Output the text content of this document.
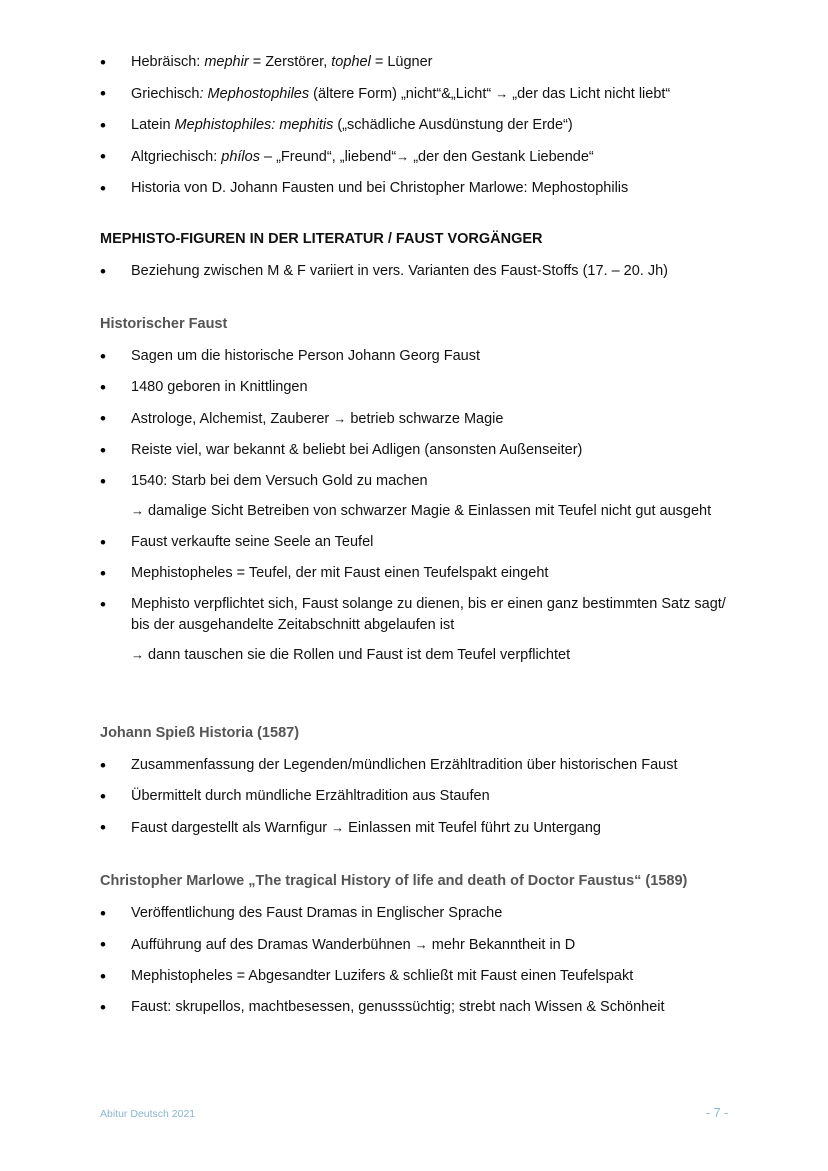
• Hebräisch: mephir = Zerstörer, tophel = Lügner
• Griechisch: Mephostophiles (ältere Form) „nicht“&„Licht“ → „der das Licht nicht liebt“
• Latein Mephistophiles: mephitis („schädliche Ausdünstung der Erde“)
• Altgriechisch: phílos – „Freund“, „liebend“→ „der den Gestank Liebende“
• Historia von D. Johann Fausten und bei Christopher Marlowe: Mephostophilis
MEPHISTO-FIGUREN IN DER LITERATUR / FAUST VORGÄNGER
• Beziehung zwischen M & F variiert in vers. Varianten des Faust-Stoffs (17. – 20. Jh)
Historischer Faust
• Sagen um die historische Person Johann Georg Faust
• 1480 geboren in Knittlingen
• Astrologe, Alchemist, Zauberer → betrieb schwarze Magie
• Reiste viel, war bekannt & beliebt bei Adligen (ansonsten Außenseiter)
• 1540: Starb bei dem Versuch Gold zu machen
→ damalige Sicht Betreiben von schwarzer Magie & Einlassen mit Teufel nicht gut ausgeht
• Faust verkaufte seine Seele an Teufel
• Mephistopheles = Teufel, der mit Faust einen Teufelspakt eingeht
• Mephisto verpflichtet sich, Faust solange zu dienen, bis er einen ganz bestimmten Satz sagt/ bis der ausgehandelte Zeitabschnitt abgelaufen ist
→ dann tauschen sie die Rollen und Faust ist dem Teufel verpflichtet
Johann Spieß Historia (1587)
• Zusammenfassung der Legenden/mündlichen Erzähltradition über historischen Faust
• Übermittelt durch mündliche Erzähltradition aus Staufen
• Faust dargestellt als Warnfigur → Einlassen mit Teufel führt zu Untergang
Christopher Marlowe „The tragical History of life and death of Doctor Faustus“ (1589)
• Veröffentlichung des Faust Dramas in Englischer Sprache
• Aufführung auf des Dramas Wanderbühnen → mehr Bekanntheit in D
• Mephistopheles = Abgesandter Luzifers & schließt mit Faust einen Teufelspakt
• Faust: skrupellos, machtbesessen, genusssüchtig; strebt nach Wissen & Schönheit
Abitur Deutsch 2021	- 7 -
